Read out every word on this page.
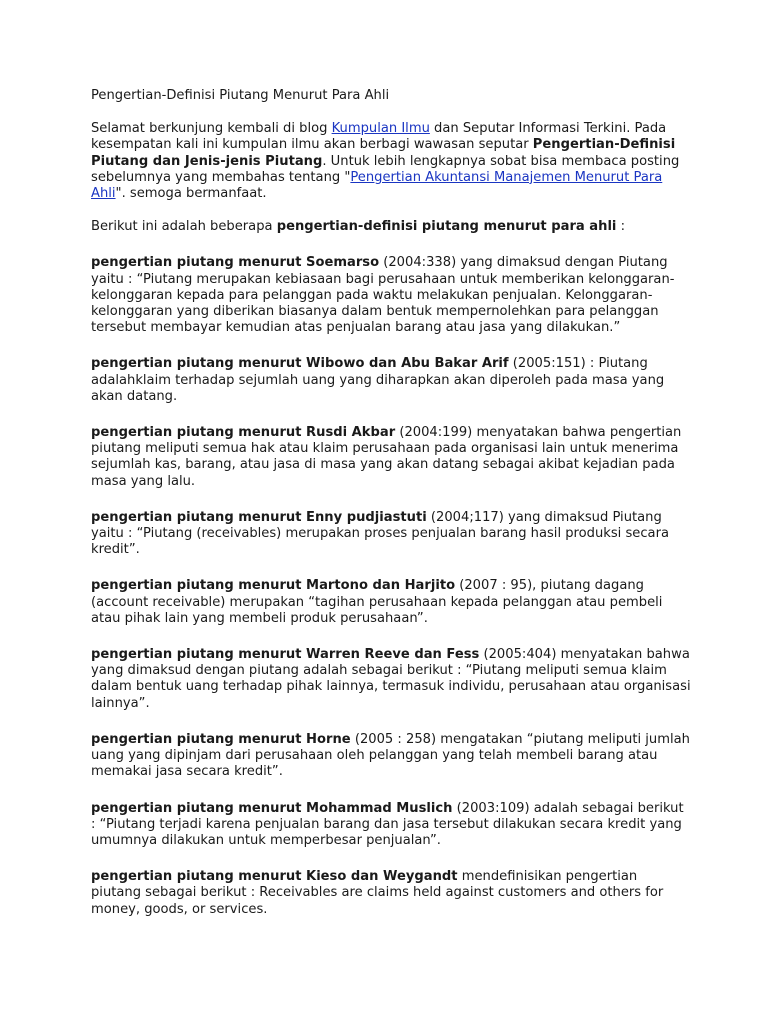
Pengertian-Definisi Piutang Menurut Para Ahli

Selamat berkunjung kembali di blog Kumpulan Ilmu dan Seputar Informasi Terkini. Pada kesempatan kali ini kumpulan ilmu akan berbagi wawasan seputar Pengertian-Definisi Piutang dan Jenis-jenis Piutang. Untuk lebih lengkapnya sobat bisa membaca posting sebelumnya yang membahas tentang "Pengertian Akuntansi Manajemen Menurut Para Ahli". semoga bermanfaat.

Berikut ini adalah beberapa pengertian-definisi piutang menurut para ahli :

pengertian piutang menurut Soemarso (2004:338) yang dimaksud dengan Piutang yaitu : “Piutang merupakan kebiasaan bagi perusahaan untuk memberikan kelonggaran-kelonggaran kepada para pelanggan pada waktu melakukan penjualan. Kelonggaran-kelonggaran yang diberikan biasanya dalam bentuk mempernolehkan para pelanggan tersebut membayar kemudian atas penjualan barang atau jasa yang dilakukan.”

pengertian piutang menurut Wibowo dan Abu Bakar Arif (2005:151) : Piutang adalahklaim terhadap sejumlah uang yang diharapkan akan diperoleh pada masa yang akan datang.

pengertian piutang menurut Rusdi Akbar (2004:199) menyatakan bahwa pengertian piutang meliputi semua hak atau klaim perusahaan pada organisasi lain untuk menerima sejumlah kas, barang, atau jasa di masa yang akan datang sebagai akibat kejadian pada masa yang lalu.

pengertian piutang menurut Enny pudjiastuti (2004;117) yang dimaksud Piutang yaitu : “Piutang (receivables) merupakan proses penjualan barang hasil produksi secara kredit”.

pengertian piutang menurut Martono dan Harjito (2007 : 95), piutang dagang (account receivable) merupakan “tagihan perusahaan kepada pelanggan atau pembeli atau pihak lain yang membeli produk perusahaan”.

pengertian piutang menurut Warren Reeve dan Fess (2005:404) menyatakan bahwa yang dimaksud dengan piutang adalah sebagai berikut : “Piutang meliputi semua klaim dalam bentuk uang terhadap pihak lainnya, termasuk individu, perusahaan atau organisasi lainnya”.

pengertian piutang menurut Horne (2005 : 258) mengatakan “piutang meliputi jumlah uang yang dipinjam dari perusahaan oleh pelanggan yang telah membeli barang atau memakai jasa secara kredit”.

pengertian piutang menurut Mohammad Muslich (2003:109) adalah sebagai berikut : “Piutang terjadi karena penjualan barang dan jasa tersebut dilakukan secara kredit yang umumnya dilakukan untuk memperbesar penjualan”.

pengertian piutang menurut Kieso dan Weygandt mendefinisikan pengertian piutang sebagai berikut : Receivables are claims held against customers and others for money, goods, or services.
